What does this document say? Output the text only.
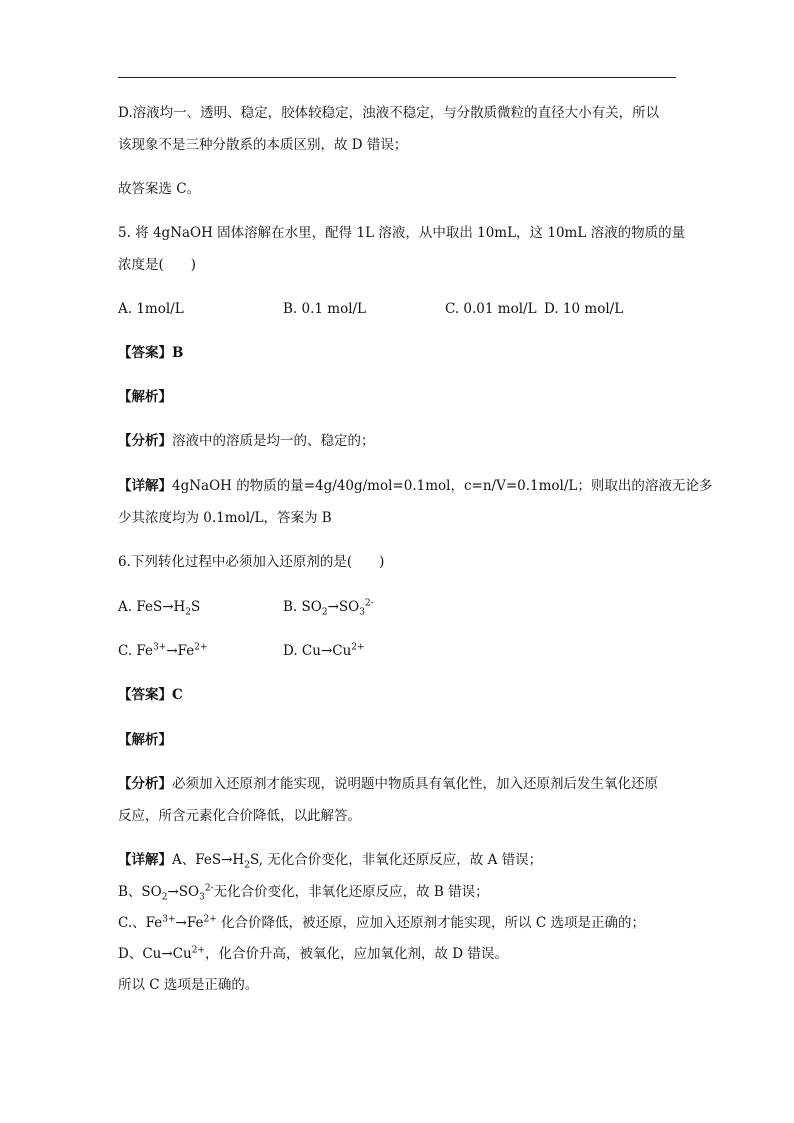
D.溶液均一、透明、稳定，胶体较稳定，浊液不稳定，与分散质微粒的直径大小有关，所以
该现象不是三种分散系的本质区别，故 D 错误；
故答案选 C。
5. 将 4gNaOH 固体溶解在水里，配得 1L 溶液，从中取出 10mL，这 10mL 溶液的物质的量
浓度是(　　)
A. 1mol/L	B. 0.1 mol/L	C. 0.01 mol/L D. 10 mol/L
【答案】B
【解析】
【分析】溶液中的溶质是均一的、稳定的；
【详解】4gNaOH 的物质的量=4g/40g/mol=0.1mol，c=n/V=0.1mol/L；则取出的溶液无论多
少其浓度均为 0.1mol/L，答案为 B
6.下列转化过程中必须加入还原剂的是(　　)
A. $FeS\to H_2S$	B. $SO_2\to SO_3^{2-}$
C. $Fe^{3+}\to Fe^{2+}$	D. $Cu\to Cu^{2+}$
【答案】C
【解析】
【分析】必须加入还原剂才能实现，说明题中物质具有氧化性，加入还原剂后发生氧化还原
反应，所含元素化合价降低，以此解答。
【详解】A、$FeS\to H_2S$, 无化合价变化，非氧化还原反应，故 A 错误；
B、$SO_2\to SO_3^{2-}$无化合价变化，非氧化还原反应，故 B 错误；
C.、$Fe^{3+}\to Fe^{2+}$ 化合价降低，被还原，应加入还原剂才能实现，所以 C 选项是正确的；
D、$Cu\to Cu^{2+}$，化合价升高，被氧化，应加氧化剂，故 D 错误。
所以 C 选项是正确的。
